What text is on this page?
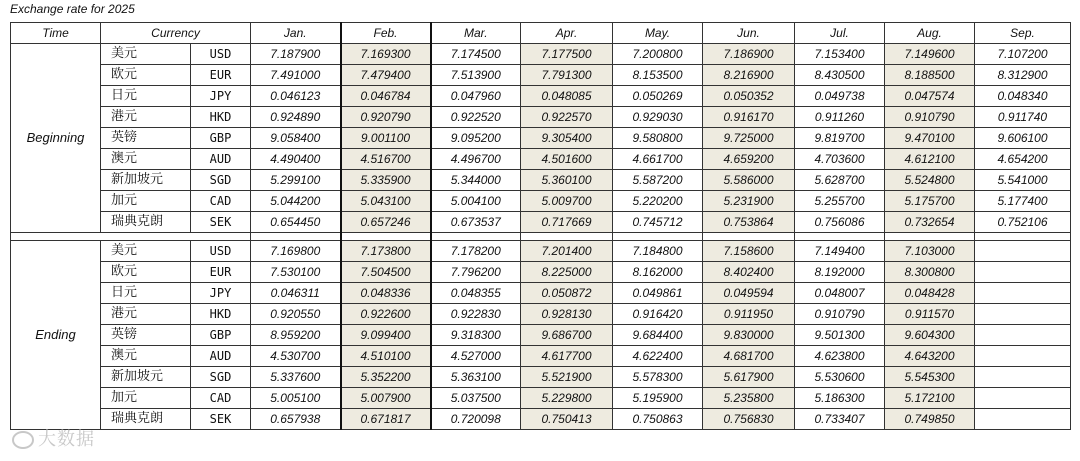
Exchange rate for 2025
Time	Currency		Jan.	Feb.	Mar.	Apr.	May.	Jun.	Jul.	Aug.	Sep.
Beginning	美元	USD	7.187900	7.169300	7.174500	7.177500	7.200800	7.186900	7.153400	7.149600	7.107200
	欧元	EUR	7.491000	7.479400	7.513900	7.791300	8.153500	8.216900	8.430500	8.188500	8.312900
	日元	JPY	0.046123	0.046784	0.047960	0.048085	0.050269	0.050352	0.049738	0.047574	0.048340
	港元	HKD	0.924890	0.920790	0.922520	0.922570	0.929030	0.916170	0.911260	0.910790	0.911740
	英镑	GBP	9.058400	9.001100	9.095200	9.305400	9.580800	9.725000	9.819700	9.470100	9.606100
	澳元	AUD	4.490400	4.516700	4.496700	4.501600	4.661700	4.659200	4.703600	4.612100	4.654200
	新加坡元	SGD	5.299100	5.335900	5.344000	5.360100	5.587200	5.586000	5.628700	5.524800	5.541000
	加元	CAD	5.044200	5.043100	5.004100	5.009700	5.220200	5.231900	5.255700	5.175700	5.177400
	瑞典克朗	SEK	0.654450	0.657246	0.673537	0.717669	0.745712	0.753864	0.756086	0.732654	0.752106

Ending	美元	USD	7.169800	7.173800	7.178200	7.201400	7.184800	7.158600	7.149400	7.103000	
	欧元	EUR	7.530100	7.504500	7.796200	8.225000	8.162000	8.402400	8.192000	8.300800	
	日元	JPY	0.046311	0.048336	0.048355	0.050872	0.049861	0.049594	0.048007	0.048428	
	港元	HKD	0.920550	0.922600	0.922830	0.928130	0.916420	0.911950	0.910790	0.911570	
	英镑	GBP	8.959200	9.099400	9.318300	9.686700	9.684400	9.830000	9.501300	9.604300	
	澳元	AUD	4.530700	4.510100	4.527000	4.617700	4.622400	4.681700	4.623800	4.643200	
	新加坡元	SGD	5.337600	5.352200	5.363100	5.521900	5.578300	5.617900	5.530600	5.545300	
	加元	CAD	5.005100	5.007900	5.037500	5.229800	5.195900	5.235800	5.186300	5.172100	
	瑞典克朗	SEK	0.657938	0.671817	0.720098	0.750413	0.750863	0.756830	0.733407	0.749850	
大数据
